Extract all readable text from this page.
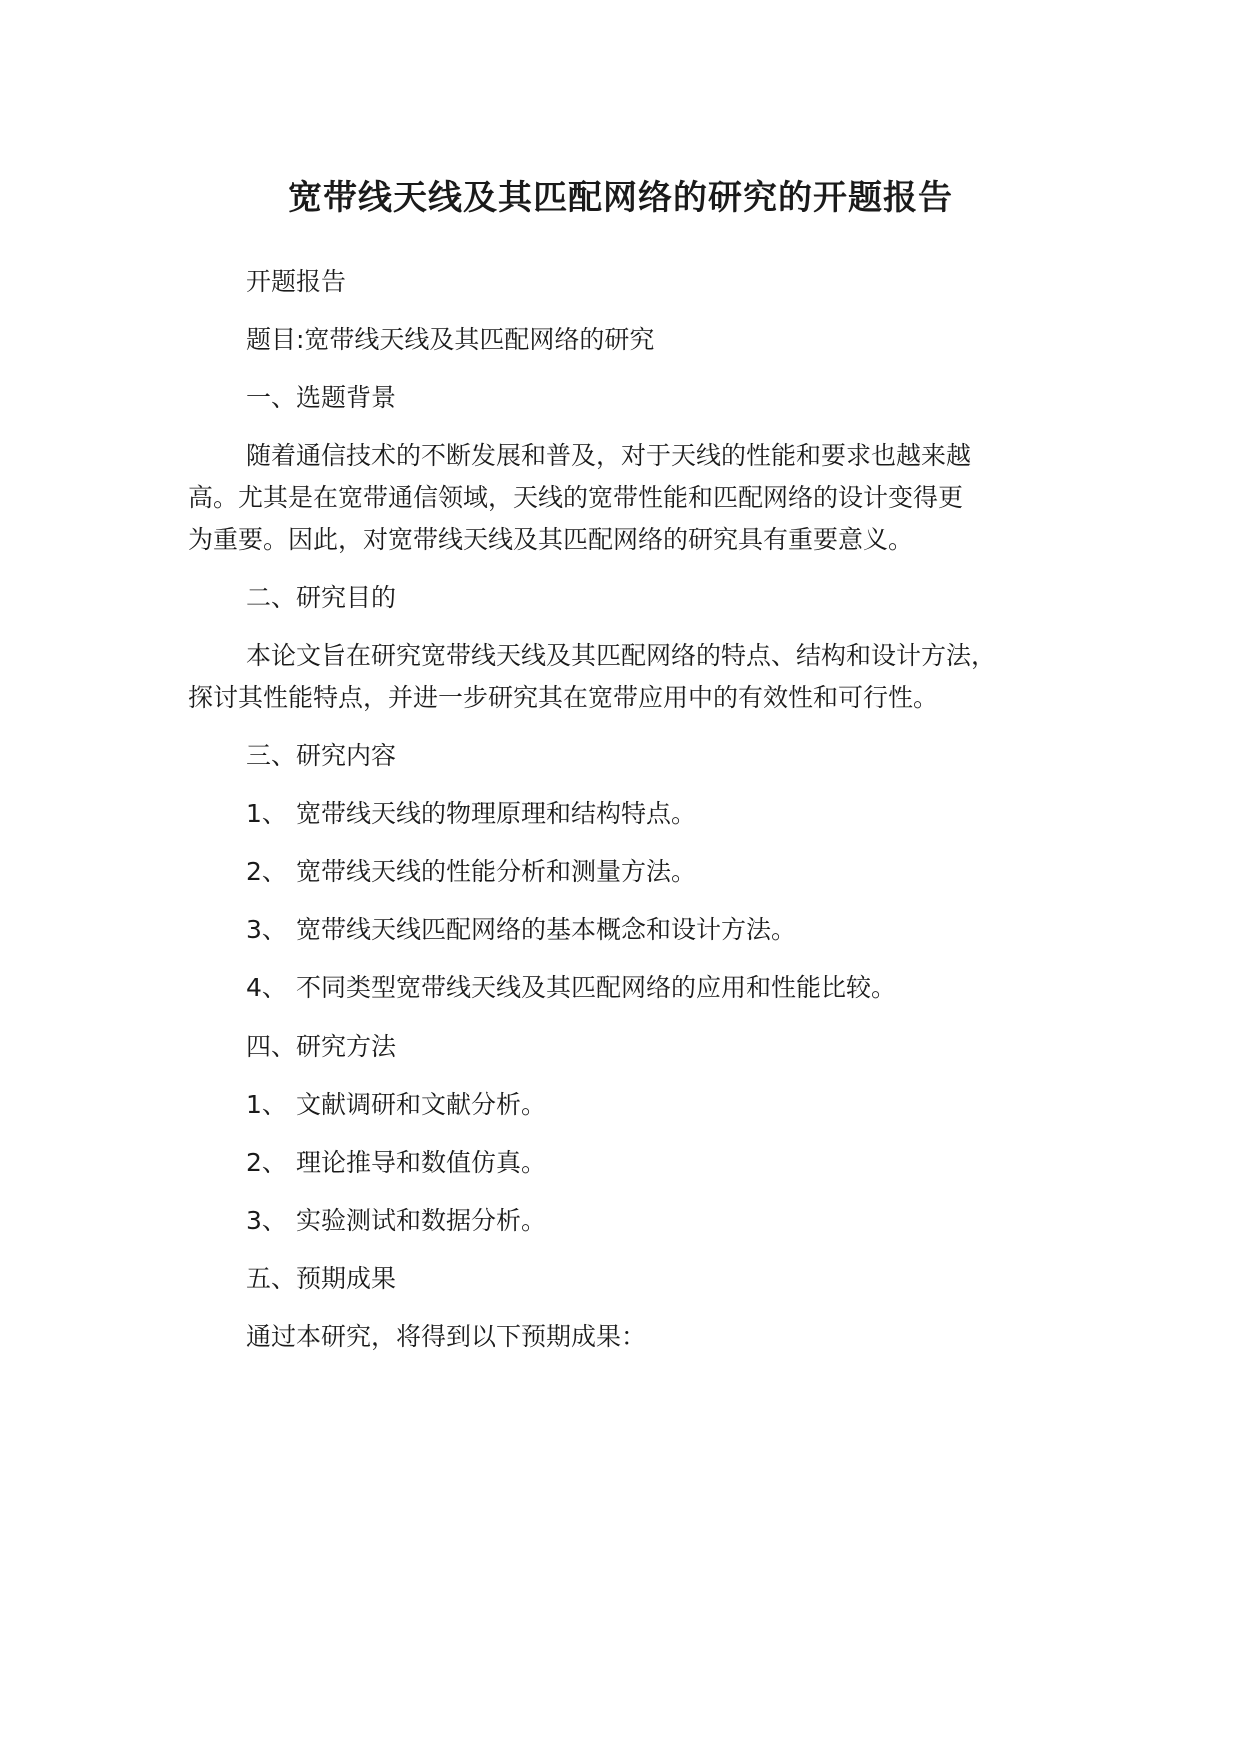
宽带线天线及其匹配网络的研究的开题报告

开题报告

题目:宽带线天线及其匹配网络的研究

一、选题背景

随着通信技术的不断发展和普及，对于天线的性能和要求也越来越

高。尤其是在宽带通信领域，天线的宽带性能和匹配网络的设计变得更

为重要。因此，对宽带线天线及其匹配网络的研究具有重要意义。

二、研究目的

本论文旨在研究宽带线天线及其匹配网络的特点、结构和设计方法，

探讨其性能特点，并进一步研究其在宽带应用中的有效性和可行性。

三、研究内容

1、 宽带线天线的物理原理和结构特点。

2、 宽带线天线的性能分析和测量方法。

3、 宽带线天线匹配网络的基本概念和设计方法。

4、 不同类型宽带线天线及其匹配网络的应用和性能比较。

四、研究方法

1、 文献调研和文献分析。

2、 理论推导和数值仿真。

3、 实验测试和数据分析。

五、预期成果

通过本研究，将得到以下预期成果：
